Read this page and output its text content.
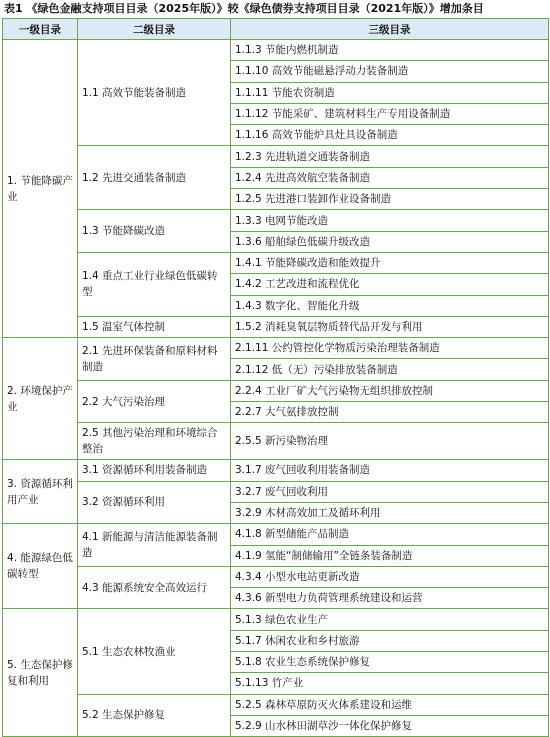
表1 《绿色金融支持项目目录（2025年版）》较《绿色债券支持项目目录（2021年版）》增加条目
一级目录	二级目录	三级目录
1. 节能降碳产业	1.1 高效节能装备制造	1.1.3 节能内燃机制造
		1.1.10 高效节能磁悬浮动力装备制造
		1.1.11 节能农资制造
		1.1.12 节能采矿、建筑材料生产专用设备制造
		1.1.16 高效节能炉具灶具设备制造
	1.2 先进交通装备制造	1.2.3 先进轨道交通装备制造
		1.2.4 先进高效航空装备制造
		1.2.5 先进港口装卸作业设备制造
	1.3 节能降碳改造	1.3.3 电网节能改造
		1.3.6 船舶绿色低碳升级改造
	1.4 重点工业行业绿色低碳转型	1.4.1 节能降碳改造和能效提升
		1.4.2 工艺改进和流程优化
		1.4.3 数字化、智能化升级
	1.5 温室气体控制	1.5.2 消耗臭氧层物质替代品开发与利用
2. 环境保护产业	2.1 先进环保装备和原料材料制造	2.1.11 公约管控化学物质污染治理装备制造
		2.1.12 低（无）污染排放装备制造
	2.2 大气污染治理	2.2.4 工业厂矿大气污染物无组织排放控制
		2.2.7 大气氨排放控制
	2.5 其他污染治理和环境综合整治	2.5.5 新污染物治理
3. 资源循环利用产业	3.1 资源循环利用装备制造	3.1.7 废气回收利用装备制造
	3.2 资源循环利用	3.2.7 废气回收利用
		3.2.9 木材高效加工及循环利用
4. 能源绿色低碳转型	4.1 新能源与清洁能源装备制造	4.1.8 新型储能产品制造
		4.1.9 氢能“制储输用”全链条装备制造
	4.3 能源系统安全高效运行	4.3.4 小型水电站更新改造
		4.3.6 新型电力负荷管理系统建设和运营
5. 生态保护修复和利用	5.1 生态农林牧渔业	5.1.3 绿色农业生产
		5.1.7 休闲农业和乡村旅游
		5.1.8 农业生态系统保护修复
		5.1.13 竹产业
	5.2 生态保护修复	5.2.5 森林草原防灭火体系建设和运维
		5.2.9 山水林田湖草沙一体化保护修复
